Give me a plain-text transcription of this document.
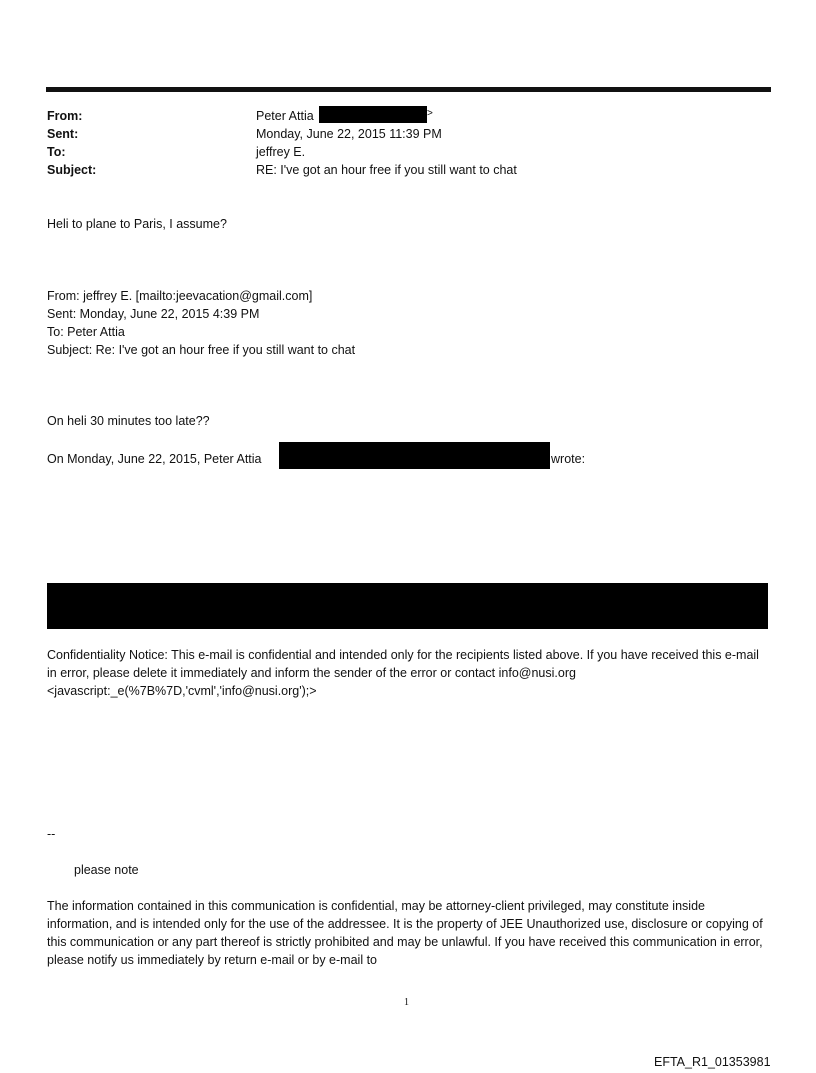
From:
Sent:
To:
Subject:
Peter Attia	>
Monday, June 22, 2015 11:39 PM
jeffrey E.
RE: I've got an hour free if you still want to chat
Heli to plane to Paris, I assume?
From: jeffrey E. [mailto:jeevacation@gmail.com]
Sent: Monday, June 22, 2015 4:39 PM
To: Peter Attia
Subject: Re: I've got an hour free if you still want to chat
On heli 30 minutes too late??
On Monday, June 22, 2015, Peter Attia	wrote:
Confidentiality Notice: This e-mail is confidential and intended only for the recipients listed above. If you have received this e-mail in error, please delete it immediately and inform the sender of the error or contact info@nusi.org <javascript:_e(%7B%7D,'cvml','info@nusi.org');>
--
please note
The information contained in this communication is confidential, may be attorney-client privileged, may constitute inside information, and is intended only for the use of the addressee. It is the property of JEE Unauthorized use, disclosure or copying of this communication or any part thereof is strictly prohibited and may be unlawful. If you have received this communication in error, please notify us immediately by return e-mail or by e-mail to
1
EFTA_R1_01353981
